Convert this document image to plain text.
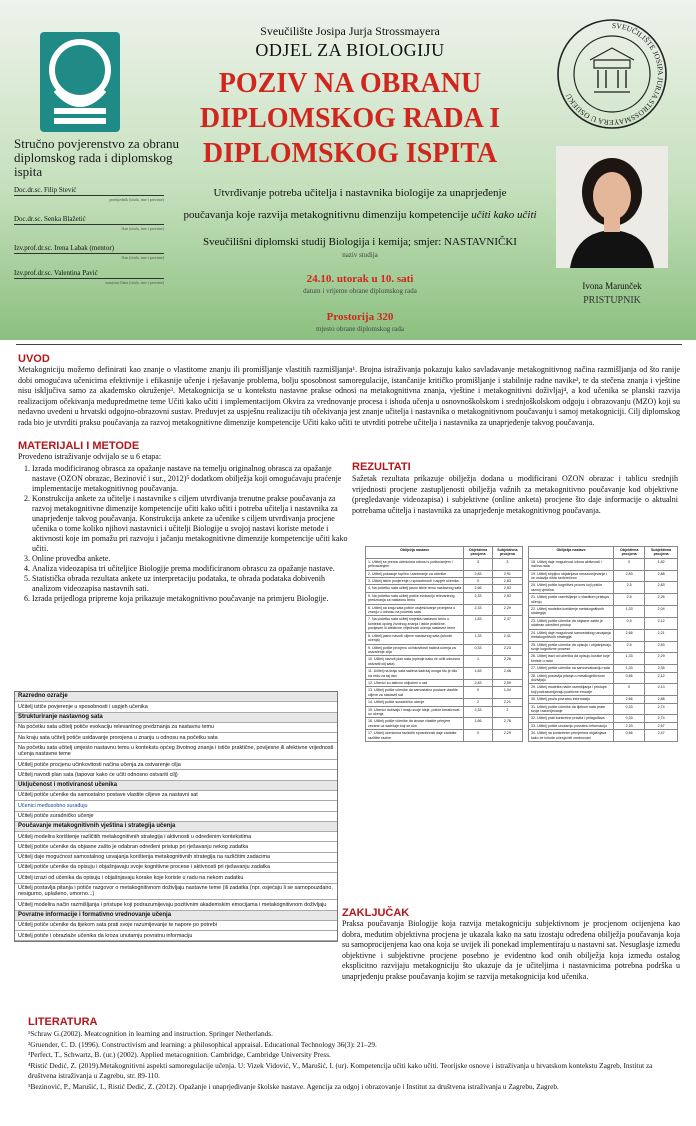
Stručno povjerenstvo za obranu diplomskog rada i diplomskog ispita
Doc.dr.sc. Filip Stević
predsjednik (titula, ime i prezime)
Doc.dr.sc. Senka Blažetić
član (titula, ime i prezime)
Izv.prof.dr.sc. Irena Labak (mentor)
član (titula, ime i prezime)
Izv.prof.dr.sc. Valentina Pavić
zamjena člana (titula, ime i prezime)
Sveučilište Josipa Jurja Strossmayera
ODJEL ZA BIOLOGIJU
POZIV NA OBRANU
DIPLOMSKOG RADA I
DIPLOMSKOG ISPITA
SVEUČILIŠTE JOSIPA JURJA STROSSMAYERA U OSIJEKU
Utvrđivanje potreba učitelja i nastavnika biologije za unaprjeđenje
poučavanja koje razvija metakognitivnu dimenziju kompetencije učiti kako učiti
Sveučilišni diplomski studij Biologija i kemija; smjer: NASTAVNIČKI
naziv studija
24.10. utorak u 10. sati
datum i vrijeme obrane diplomskog rada
Prostorija 320
mjesto obrane diplomskog rada
Ivona Marunček
PRISTUPNIK
UVOD
Metakogniciju možemo definirati kao znanje o vlastitome znanju ili promišljanje vlastitih razmišljanja¹. Brojna istraživanja pokazuju kako savladavanje metakognitivnog načina razmišljanja od što ranije dobi omogućava učenicima efektivnije i efikasnije učenje i rješavanje problema, bolju sposobnost samoregulacije, istančanije kritičko promišljanje i stabilnije radne navike², te da stečena znanja i vještine nisu isključiva samo za akademsko okruženje³. Metakognicija se u kontekstu nastavne prakse odnosi na metakognitivna znanja, vještine i metakognitivni doživljaj⁴, a kod učenika se planski razvija realizacijom očekivanja međupredmetne teme Učiti kako učiti i implementacijom Okvira za vrednovanje procesa i ishoda učenja u osnovnoškolskom i srednjoškolskom odgoju i obrazovanju (MZO) koji su nedavno uvedeni u hrvatski odgojno-obrazovni sustav. Preduvjet za uspješnu realizaciju tih očekivanja jest znanje učitelja i nastavnika o metakognitivnom poučavanju i samoj metakogniciji. Cilj diplomskog rada bio je utvrditi praksu poučavanja za razvoj metakognitivne dimenzije kompetencije Učiti kako učiti te utvrditi potrebe učitelja i nastavnika za unaprjeđenje takvog poučavanja.
MATERIJALI I METODE
Provedeno istraživanje odvijalo se u 6 etapa:
1. Izrada modificiranog obrasca za opažanje nastave na temelju originalnog obrasca za opažanje nastave (OZON obrazac, Bezinović i sur., 2012)⁵ dodatkom obilježja koji omogućavaju praćenje implementacije metakognitivnog poučavanja.
2. Konstrukcija ankete za učitelje i nastavnike s ciljem utvrđivanja trenutne prakse poučavanja za razvoj metakognitivne dimenzije kompetencije učiti kako učiti i potreba učitelja i nastavnika za unaprjeđenje takvog poučavanja. Konstrukcija ankete za učenike s ciljem utvrđivanja procjene učenika o tome koliko njihovi nastavnici i učitelji Biologije u svojoj nastavi koriste metode i aktivnosti koje im pomažu pri razvoju i jačanju metakognitivne dimenzije kompetencije učiti kako učiti.
3. Online provedba ankete.
4. Analiza videozapisa tri učiteljice Biologije prema modificiranom obrascu za opažanje nastave.
5. Statistička obrada rezultata ankete uz interpretaciju podataka, te obrada podataka dobivenih analizom videozapisa nastavnih sati.
6. Izrada prijedloga pripreme koja prikazuje metakognitivno poučavanje na primjeru Biologije.
Razredno ozračje
Učitelj ističe povjerenje u sposobnosti i uspjeh učenika
Strukturiranje nastavnog sata
Na početku sata učitelj potiče evokaciju relevantnog predznanja za nastavnu temu
Na kraju sata učitelj potiče usiđavanje prorojena u znanju u odnosu na početku sata
Na početku sata učitelj umjesto nastavnu temu u kontekstu općeg životnog znanja i ističe praktične, povijesne ili afektivne vrijednosti učenja nastavne teme
Učitelj potiče procjenu učinkovitosti načina učenja za ostvarenje cilja
Učitelj navodi plan sata (tapovar kako će učiti odnosno ostvariti cilj)
Uključenost i motiviranost učenika
Učitelj potiče učenike da samostalno postave vlastite ciljeve za nastavni sat
Učenici međusobno surađuju
Učitelj potiče suradničko učenje
Poučavanje metakognitivnih vještina i strategija učenja
Učitelj modelira korištenje različitih metakognitivnih strategija i aktivnosti u određenim kontekstima
Učitelj potiče učenike da objasne zašto je odabran određeni pristup pri rješavanju nekog zadatka
Učitelj daje mogućnost samostalnog usvajanja korištenja metakognitivnih strategija na različitim zadacima
Učitelj potiče učenike da opisuju i objašnjavaju svoje kognitivne procese i aktivnosti pri rješavanju zadatka
Učitelj izrazi od učenika da opisuju i objašnjavaju korake koje koriste u radu na nekom zadatku
Učitelj postavlja pitanja i potiče razgovor o metakognitivnom doživljaju nastavne teme (ili zadatka (npr. osjećaju li se samopouzdano, nesigurno, uplašeno, umorno...)
Učitelj modelira način razmišljanja i pristupe koji podrazumijevaju pozitivnim akademskim emocijama i metakognitivnom doživljaju
Povratne informacije i formativno vrednovanje učenja
Učitelj potiče učenike da tijekom sata prati svoje razumijevanje te napore po potrebi
Učitelj potiče i obrazlaže učenika da kroza unutarnju povratnu informaciju
REZULTATI
Sažetak rezultata prikazuje obilježja dodana u modificirani OZON obrazac i tablicu srednjih vrijednosti procjene zastupljenosti obilježja važnih za metakognitivno poučavanje kod objektivne (pregledavanje videozapisa) i subjektivne (online anketa) procjene što daje informacije o aktualni potrebama učitelja i nastavnika za unaprjeđenje metakognitivnog poučavanja.
Obilježja nastave	Objektivna procjena	Subjektivna procjena
1. Učitelj se prema učenicima odnosi s poštovanjem i prihvaćanjem	3	3
2. Učitelj pokazuje toplinu i zanimanje za učenike	2,83	2,91
3. Učitelj ističe povjerenje u sposobnosti i uspjeh učenika	0	2,83
4. Na početku sata učitelj jasno ističe temu nastavnog sata	2,66	2,83
5. Na početku sata učitelj potiče evokaciju relevantnog predznanja za nastavnu temu	2,33	2,83
6. Učitelj na kraju sata potiče osvješćivanje promjena u znanju u odnosu na početak sata	2,33	2,29
7. Na početku sata učitelj smješta nastavnu temu u kontekst općeg životnog znanja i ističe praktične, povijesne ili afektivne vrijednosti učenja nastavne teme	1,83	2,37
8. Učitelj jasno navodi ciljeve nastavnog sata (ishode učenja)	1,33	2,41
9. Učitelj potiče procjenu učinkovitosti načina učenja za ostvarenje cilja	0,33	2,23
10. Učitelj navodi plan sata (opisuje kako će učiti odnosno ostvariti cilj sata)	1	2,28
11. Učitelj na kraju sata sažima sadržaj onoga što je bilo na redu za taj dan	1,83	2,46
12. Učenici su aktivno uključeni u rad	2,83	2,59
13. Učitelj potiče učenike da samostalno postave vlastite ciljeve za nastavni sat	0	1,04
14. Učitelj potiče suradničko učenje	2	2,21
15. Učenici dobivaju i imaju svoje ideje, potiče kreativnost uz učenja	2,33	2
16. Učitelj potiče učenike da iznose vlastite primjere vezane uz sadržaje koji se uče	1,66	2,78
17. Učitelj učenicima razlicitih sposobnosti daje zadatke različite razine	0	2,29
Obilježja nastave	Objektivna procjena	Subjektivna procjena
18. Učitelj daje mogućnost izbora aktivnosti i načina rada	0	1,82
19. Učitelj strpljivo objašnjava nerazumijevanje i ne ostavlja ništa nedorečeno	2,83	2,88
20. Učitelj potiče kognitivni proces koji potiče razvoj vještina	2,5	2,83
21. Učitelj potiče razmišljanje o vlastitom pristupu učenju	2,5	2,26
22. Učitelj modelira korištenje metakognitivnih strategija	1,33	2,04
23. Učitelj potiče učenike da objasne zašto je odabran određeni pristup	0,5	2,12
24. Učitelj daje mogućnost samostalnog usvajanja metakognitivnih strategija	2,66	2,21
25. Učitelj potiče učenike da opisuju i objašnjavaju svoje kognitivne procese	2,5	2,83
26. Učitelj traži od učenika da opisuju korake koje koriste u radu	1,33	2,29
27. Učitelj potiče učenike na samoevaluaciju rada	1,33	2,35
28. Učitelj postavlja pitanja o metakognitivnom doživljaju	0,66	2,12
29. Učitelj modelira način razmišljanja i pristupe koji podrazumijevaju pozitivne emocije	0	2,13
30. Učitelj pruža povratnu informaciju	2,66	2,88
31. Učitelj potiče učenike da tijekom sata prate svoje razumijevanje	0,33	2,74
32. Učitelj prati konkretne pravila i prilagođava	0,33	2,74
33. Učitelj potiče unutarnju povratnu informaciju	2,33	2,57
34. Učitelj na konkretnim primjerima objašnjava kako će ishode učenja biti vrednovani	0,66	2,47
ZAKLJUČAK
Praksa poučavanja Biologije koja razvija metakogniciju subjektivnom je procjenom ocijenjena kao dobra, međutim objektivna procjena je ukazala kako na satu izostaju određena obilježja poučavanja koja su samoprocijenjena kao ona koja se uvijek ili ponekad implementiraju u nastavni sat. Nesuglasje između objektivne i subjektivne procjene posebno je evidentno kod onih obilježja koja između ostalog eksplicitno razvijaju metakogniciju što ukazuje da je učiteljima i nastavnicima potrebna podrška u unaprjeđenju prakse poučavanja kojim se razvija metakognicija kod učenika.
LITERATURA
¹Schraw G.(2002). Meatcognition in learning and instruction. Springer Netherlands.
²Gruender, C. D. (1996). Constructivism and learning: a philosophical appraisal. Educational Technology 36(3): 21–29.
³Perfect, T., Schwartz, B. (ur.) (2002). Applied metacognition. Cambridge, Cambridge University Press.
⁴Ristić Dedić, Z. (2019).Metakognitivni aspekti samoregulacije učenja. U: Vizek Vidović, V., Marušić, I. (ur). Kompetencija učiti kako učiti. Teorijske osnove i istraživanja u hrvatskom kontekstu Zagreb, Institut za društvena istraživanja u Zagrebu, str. 89-110.
⁵Bezinović, P., Marušić, I., Ristić Dedić, Z. (2012). Opažanje i unaprjeđivanje školske nastave. Agencija za odgoj i obrazovanje i Institut za društvena istraživanja u Zagrebu, Zagreb.
